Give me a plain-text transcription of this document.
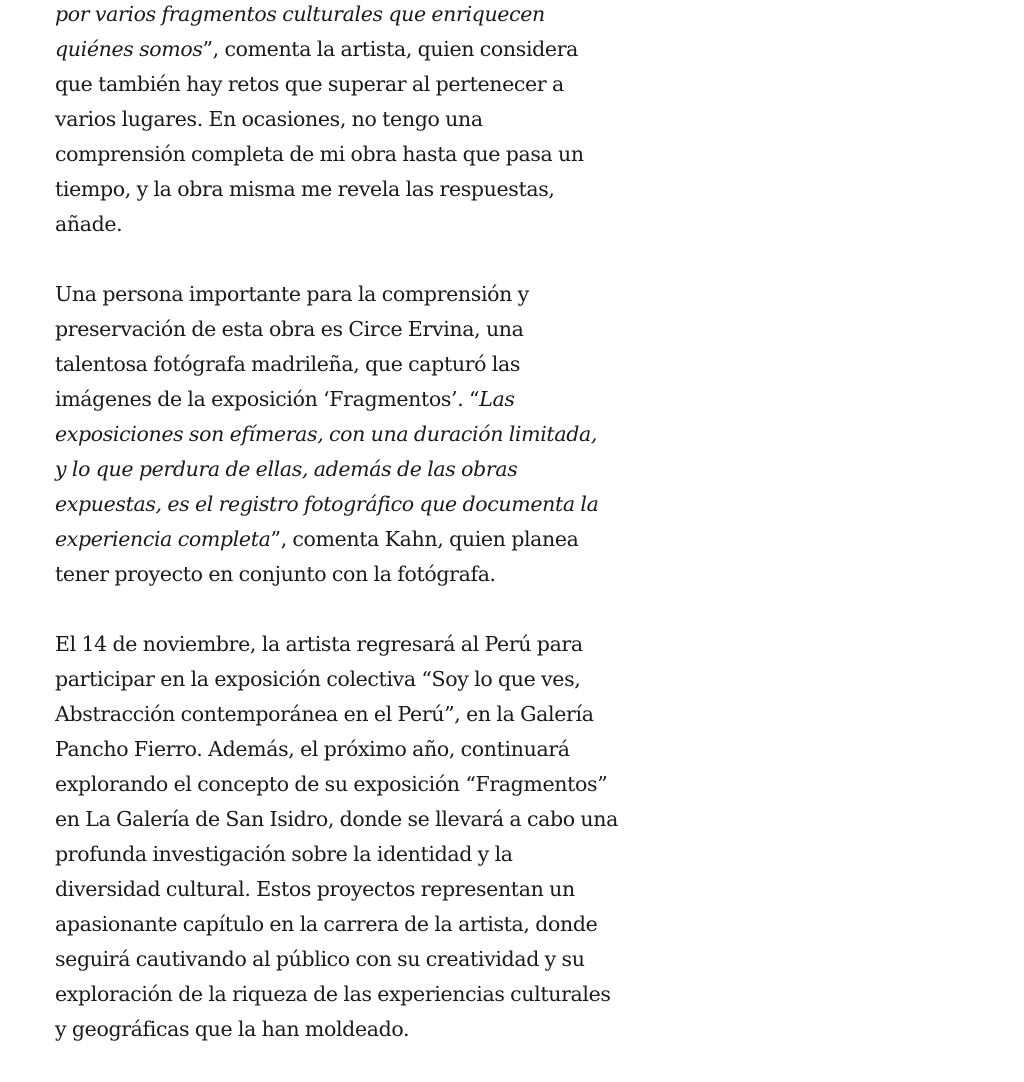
por varios fragmentos culturales que enriquecen
quiénes somos”, comenta la artista, quien considera
que también hay retos que superar al pertenecer a
varios lugares. En ocasiones, no tengo una
comprensión completa de mi obra hasta que pasa un
tiempo, y la obra misma me revela las respuestas,
añade.

Una persona importante para la comprensión y
preservación de esta obra es Circe Ervina, una
talentosa fotógrafa madrileña, que capturó las
imágenes de la exposición ‘Fragmentos’. “Las
exposiciones son efímeras, con una duración limitada,
y lo que perdura de ellas, además de las obras
expuestas, es el registro fotográfico que documenta la
experiencia completa”, comenta Kahn, quien planea
tener proyecto en conjunto con la fotógrafa.

El 14 de noviembre, la artista regresará al Perú para
participar en la exposición colectiva “Soy lo que ves,
Abstracción contemporánea en el Perú”, en la Galería
Pancho Fierro. Además, el próximo año, continuará
explorando el concepto de su exposición “Fragmentos”
en La Galería de San Isidro, donde se llevará a cabo una
profunda investigación sobre la identidad y la
diversidad cultural. Estos proyectos representan un
apasionante capítulo en la carrera de la artista, donde
seguirá cautivando al público con su creatividad y su
exploración de la riqueza de las experiencias culturales
y geográficas que la han moldeado.
